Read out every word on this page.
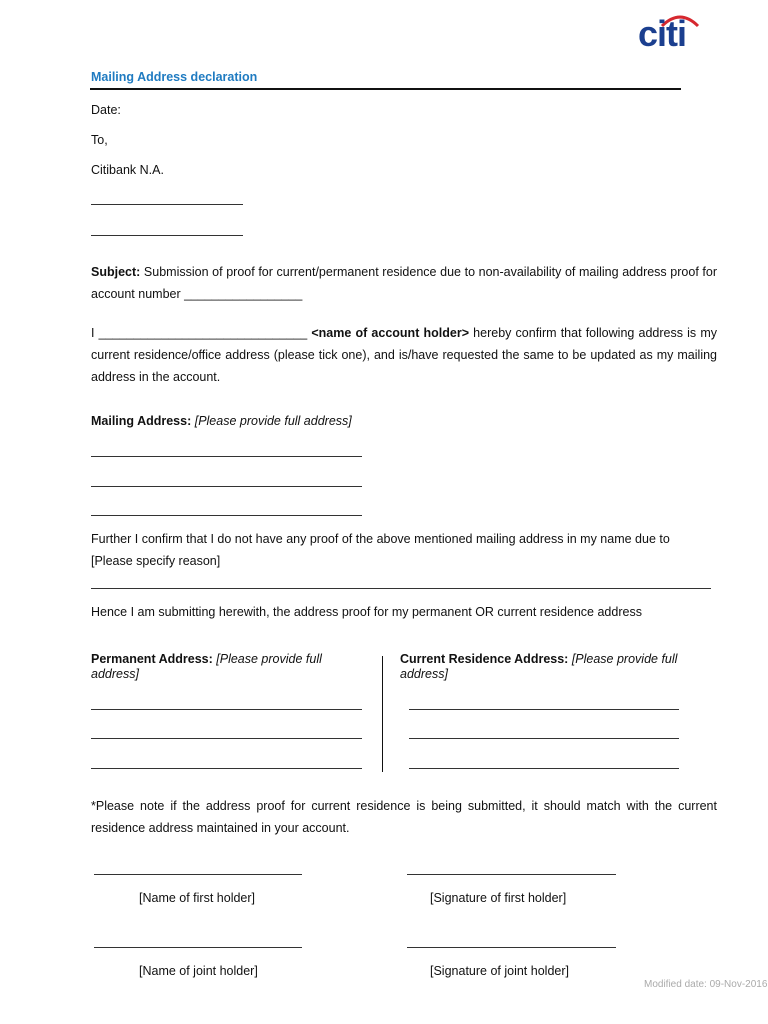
citi
Mailing Address declaration
Date:
To,
Citibank N.A.
Subject: Submission of proof for current/permanent residence due to non-availability of mailing address proof for account number _________________
I ______________________________ <name of account holder> hereby confirm that following address is my current residence/office address (please tick one), and is/have requested the same to be updated as my mailing address in the account.
Mailing Address: [Please provide full address]
Further I confirm that I do not have any proof of the above mentioned mailing address in my name due to
[Please specify reason]
Hence I am submitting herewith, the address proof for my permanent OR current residence address
Permanent Address: [Please provide full address]
Current Residence Address: [Please provide full address]
*Please note if the address proof for current residence is being submitted, it should match with the current residence address maintained in your account.
[Name of first holder]	[Signature of first holder]
[Name of joint holder]	[Signature of joint holder]
Modified date: 09-Nov-2016
